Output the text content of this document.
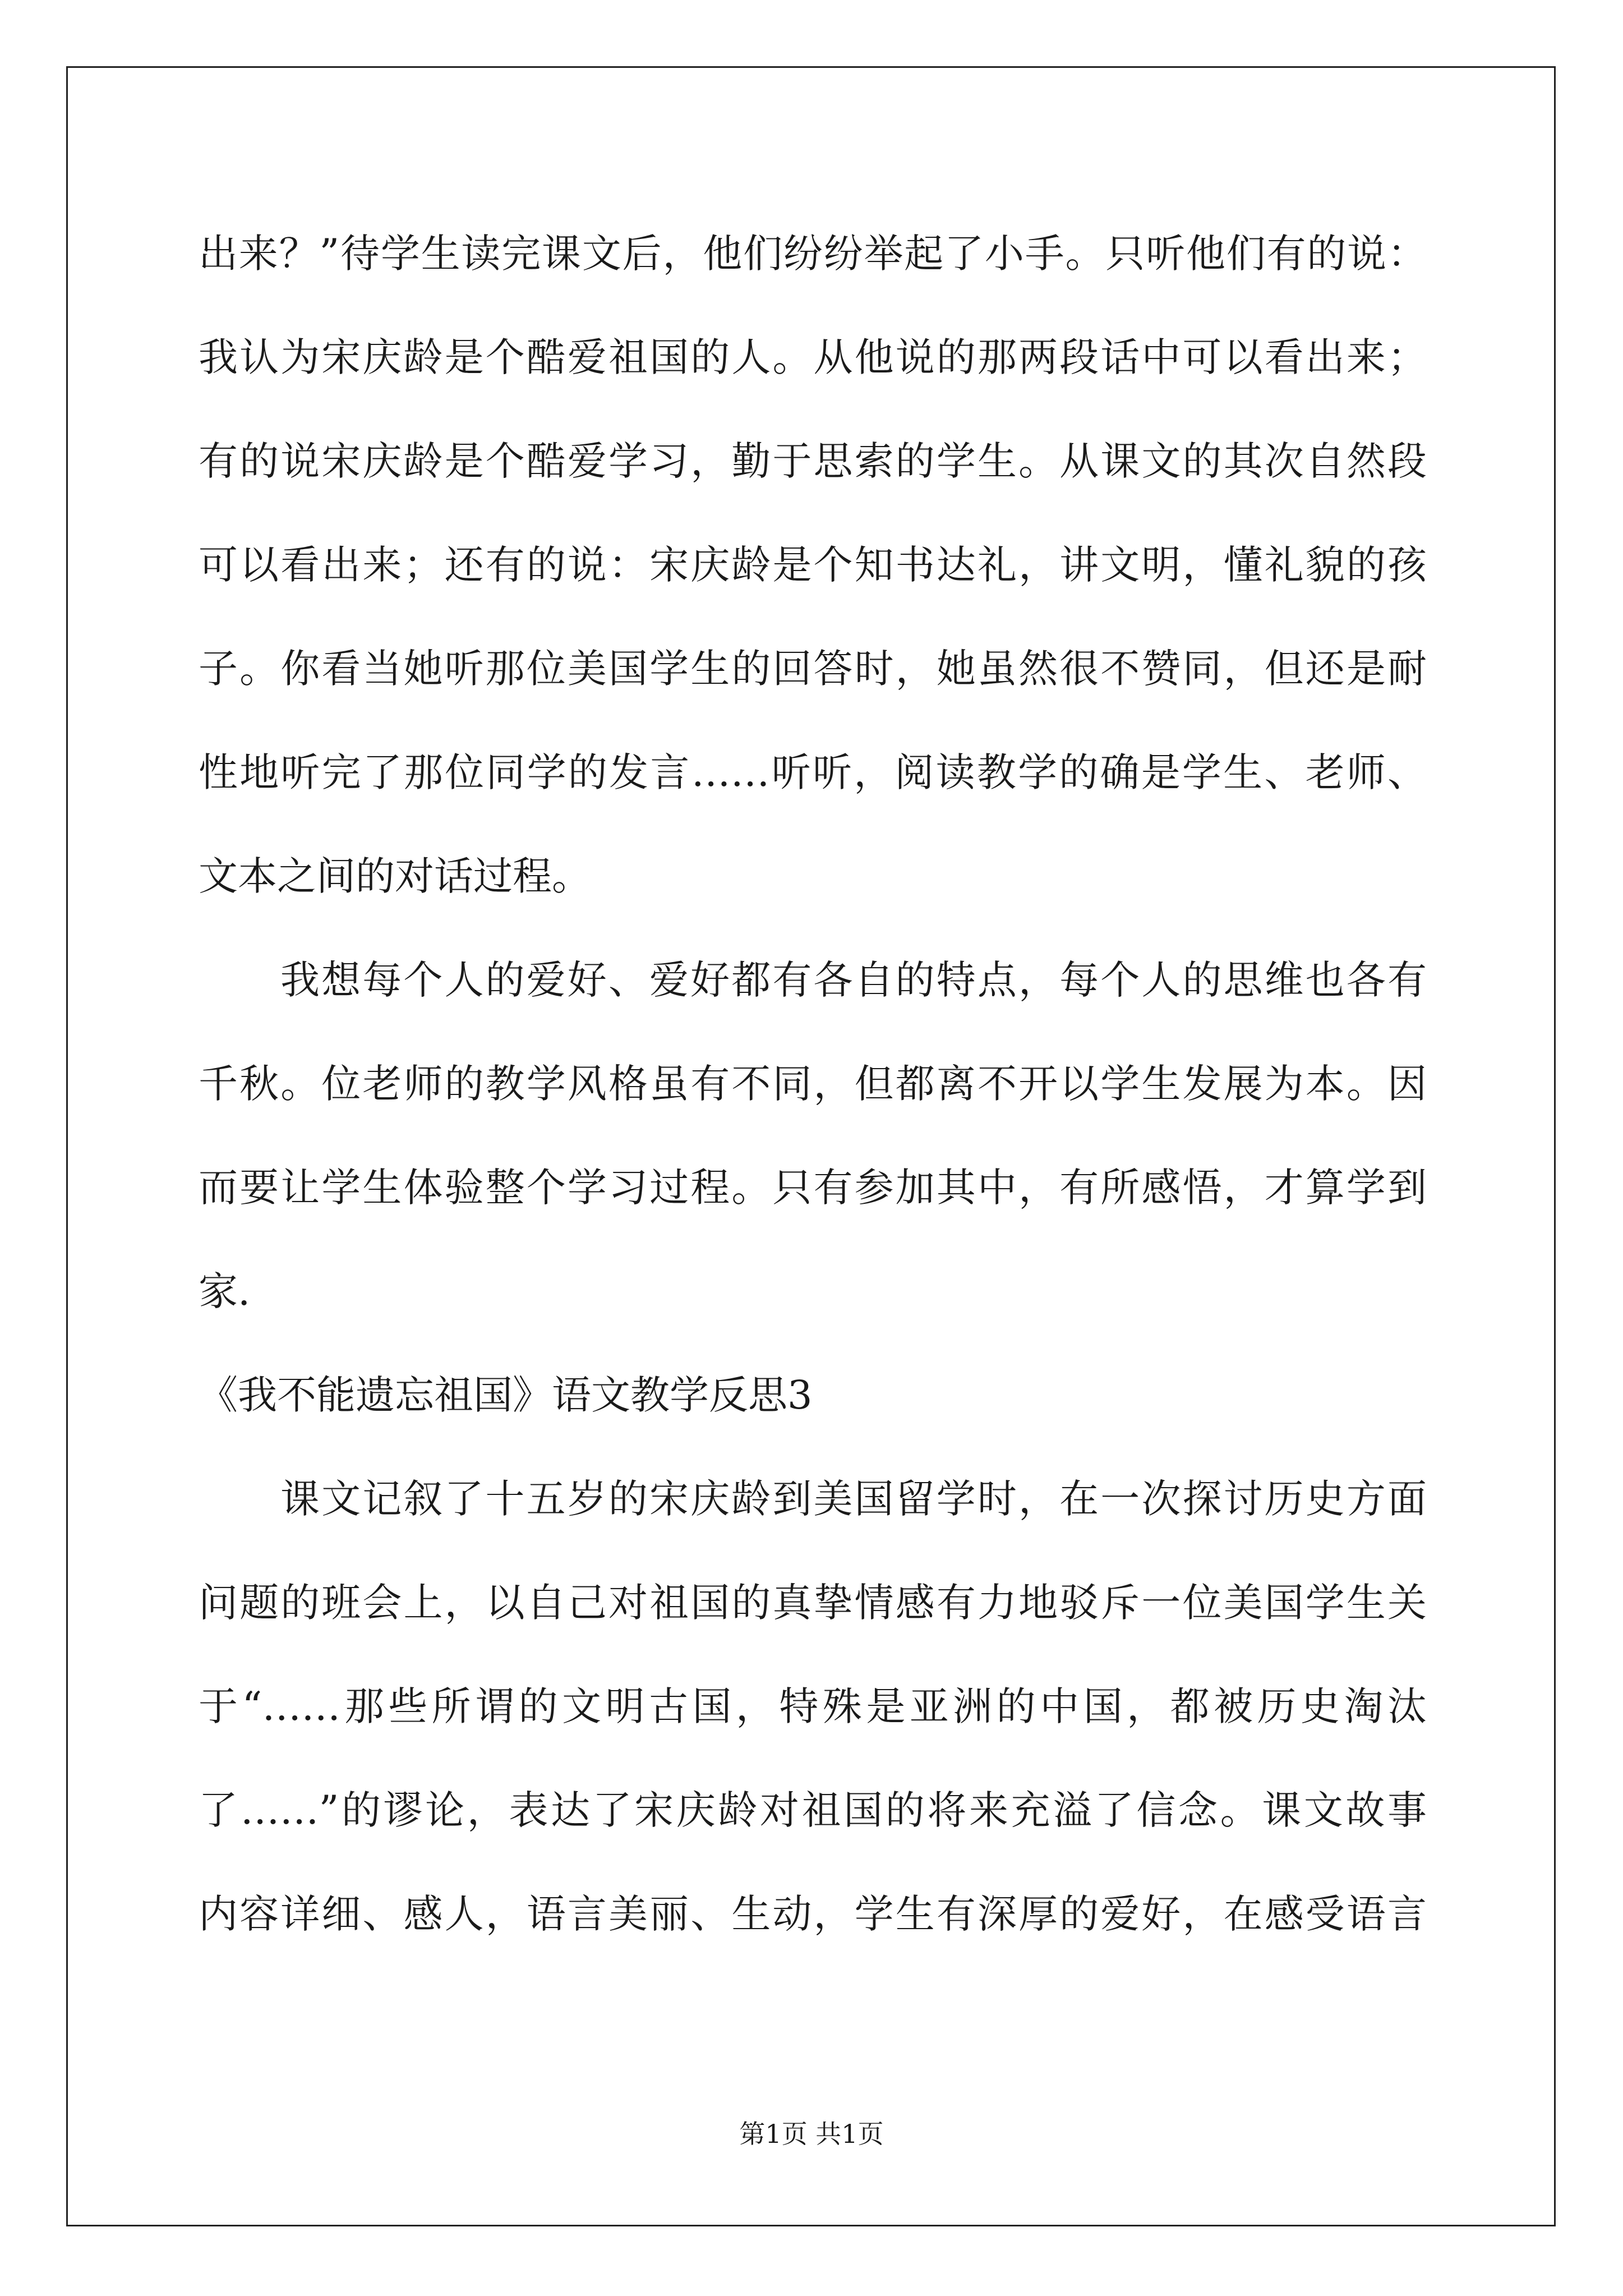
出来？”待学生读完课文后，他们纷纷举起了小手。只听他们有的说：
我认为宋庆龄是个酷爱祖国的人。从他说的那两段话中可以看出来；
有的说宋庆龄是个酷爱学习，勤于思索的学生。从课文的其次自然段
可以看出来；还有的说：宋庆龄是个知书达礼，讲文明，懂礼貌的孩
子。你看当她听那位美国学生的回答时，她虽然很不赞同，但还是耐
性地听完了那位同学的发言……听听，阅读教学的确是学生、老师、
文本之间的对话过程。
我想每个人的爱好、爱好都有各自的特点，每个人的思维也各有
千秋。位老师的教学风格虽有不同，但都离不开以学生发展为本。因
而要让学生体验整个学习过程。只有参加其中，有所感悟，才算学到
家.
《我不能遗忘祖国》语文教学反思3
课文记叙了十五岁的宋庆龄到美国留学时，在一次探讨历史方面
问题的班会上，以自己对祖国的真挚情感有力地驳斥一位美国学生关
于“……那些所谓的文明古国，特殊是亚洲的中国，都被历史淘汰
了……”的谬论，表达了宋庆龄对祖国的将来充溢了信念。课文故事
内容详细、感人，语言美丽、生动，学生有深厚的爱好，在感受语言
第1页 共1页
